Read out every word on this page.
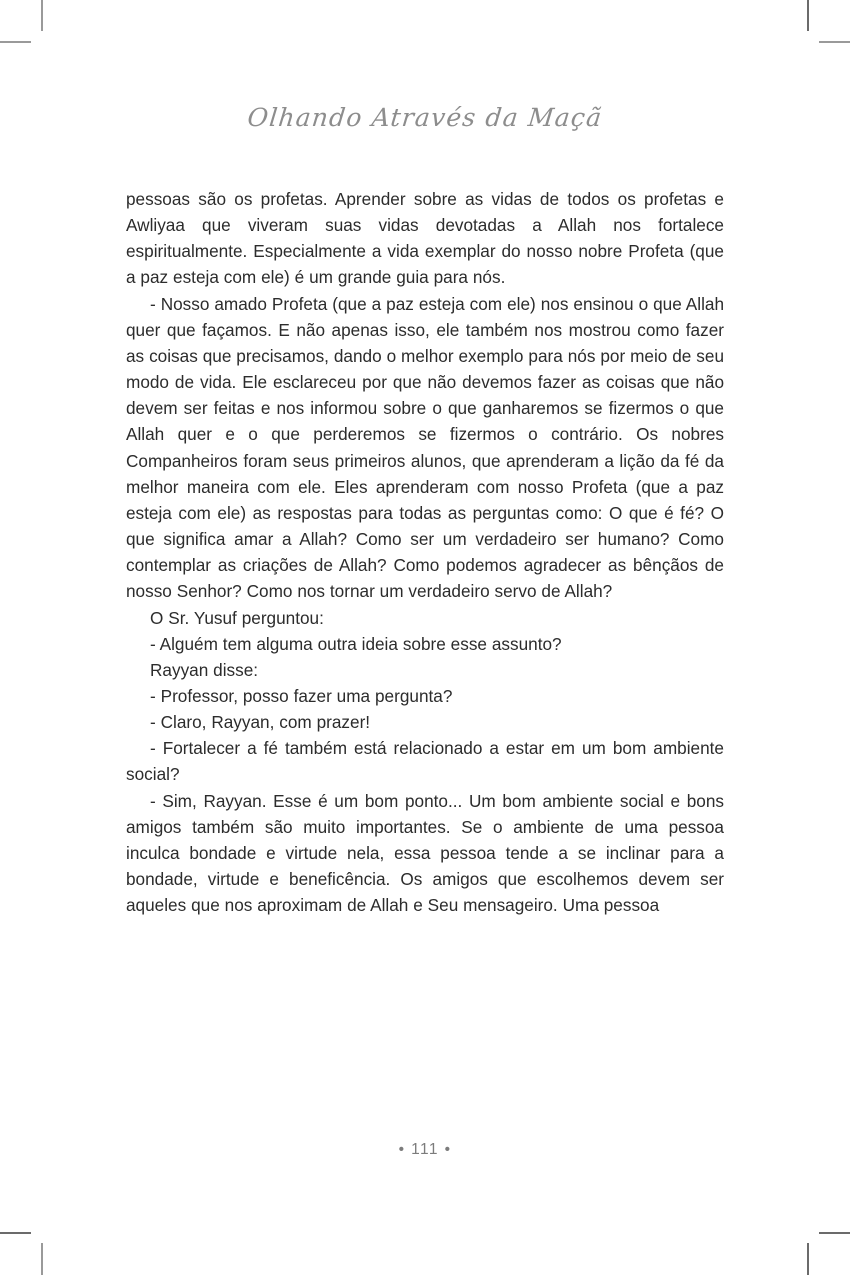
Olhando Através da Maçã

pessoas são os profetas. Aprender sobre as vidas de todos os profetas e Awliyaa que viveram suas vidas devotadas a Allah nos fortalece espiritualmente. Especialmente a vida exemplar do nosso nobre Profeta (que a paz esteja com ele) é um grande guia para nós.

- Nosso amado Profeta (que a paz esteja com ele) nos ensinou o que Allah quer que façamos. E não apenas isso, ele também nos mostrou como fazer as coisas que precisamos, dando o melhor exemplo para nós por meio de seu modo de vida. Ele esclareceu por que não devemos fazer as coisas que não devem ser feitas e nos informou sobre o que ganharemos se fizermos o que Allah quer e o que perderemos se fizermos o contrário. Os nobres Companheiros foram seus primeiros alunos, que aprenderam a lição da fé da melhor maneira com ele. Eles aprenderam com nosso Profeta (que a paz esteja com ele) as respostas para todas as perguntas como: O que é fé? O que significa amar a Allah? Como ser um verdadeiro ser humano? Como contemplar as criações de Allah? Como podemos agradecer as bênçãos de nosso Senhor? Como nos tornar um verdadeiro servo de Allah?

O Sr. Yusuf perguntou:

- Alguém tem alguma outra ideia sobre esse assunto?

Rayyan disse:

- Professor, posso fazer uma pergunta?

- Claro, Rayyan, com prazer!

- Fortalecer a fé também está relacionado a estar em um bom ambiente social?

- Sim, Rayyan. Esse é um bom ponto... Um bom ambiente social e bons amigos também são muito importantes. Se o ambiente de uma pessoa inculca bondade e virtude nela, essa pessoa tende a se inclinar para a bondade, virtude e beneficência. Os amigos que escolhemos devem ser aqueles que nos aproximam de Allah e Seu mensageiro. Uma pessoa

• 111 •
